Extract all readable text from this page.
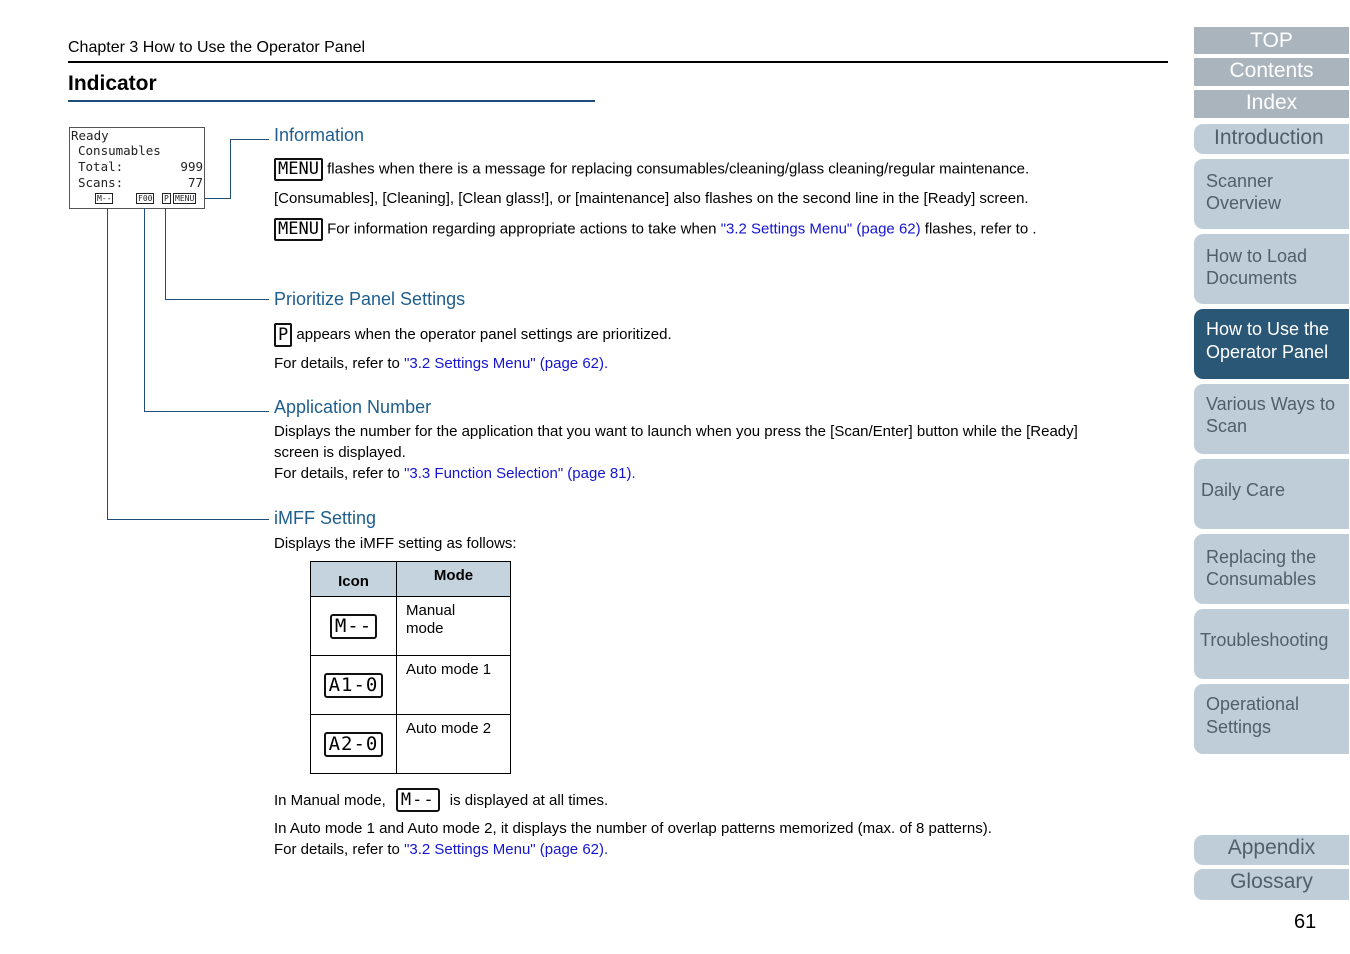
Chapter 3 How to Use the Operator Panel
Indicator
Ready
Consumables
Total:	999
Scans:	77
M--	F00 P MENU
Information
MENU flashes when there is a message for replacing consumables/cleaning/glass cleaning/regular maintenance.
[Consumables], [Cleaning], [Clean glass!], or [maintenance] also flashes on the second line in the [Ready] screen.
MENU For information regarding appropriate actions to take when "3.2 Settings Menu" (page 62) flashes, refer to .
Prioritize Panel Settings
P appears when the operator panel settings are prioritized.
For details, refer to "3.2 Settings Menu" (page 62).
Application Number
Displays the number for the application that you want to launch when you press the [Scan/Enter] button while the [Ready]
screen is displayed.
For details, refer to "3.3 Function Selection" (page 81).
iMFF Setting
Displays the iMFF setting as follows:
Icon	Mode
M--	Manual
mode

A1-0	Auto mode 1

A2-0	Auto mode 2
In Manual mode, M-- is displayed at all times.
In Auto mode 1 and Auto mode 2, it displays the number of overlap patterns memorized (max. of 8 patterns).
For details, refer to "3.2 Settings Menu" (page 62).
TOP
Contents
Index
Introduction
Scanner
Overview
How to Load
Documents
How to Use the
Operator Panel
Various Ways to
Scan
Daily Care
Replacing the
Consumables
Troubleshooting
Operational
Settings
Appendix
Glossary
61
